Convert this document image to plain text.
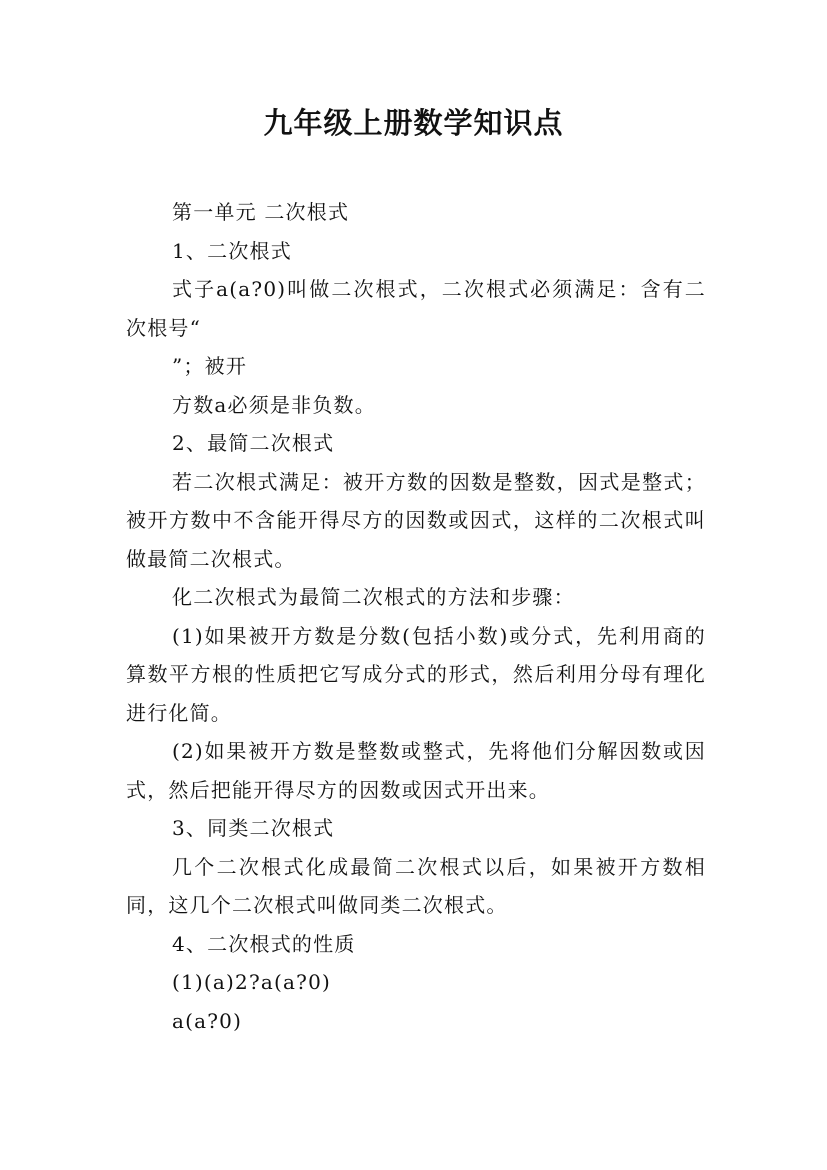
九年级上册数学知识点

第一单元 二次根式

1、二次根式

式子a(a?0)叫做二次根式，二次根式必须满足：含有二次根号“

”；被开

方数a必须是非负数。

2、最简二次根式

若二次根式满足：被开方数的因数是整数，因式是整式；被开方数中不含能开得尽方的因数或因式，这样的二次根式叫做最简二次根式。

化二次根式为最简二次根式的方法和步骤：

(1)如果被开方数是分数(包括小数)或分式，先利用商的算数平方根的性质把它写成分式的形式，然后利用分母有理化进行化简。

(2)如果被开方数是整数或整式，先将他们分解因数或因式，然后把能开得尽方的因数或因式开出来。

3、同类二次根式

几个二次根式化成最简二次根式以后，如果被开方数相同，这几个二次根式叫做同类二次根式。

4、二次根式的性质

(1)(a)2?a(a?0)

a(a?0)
